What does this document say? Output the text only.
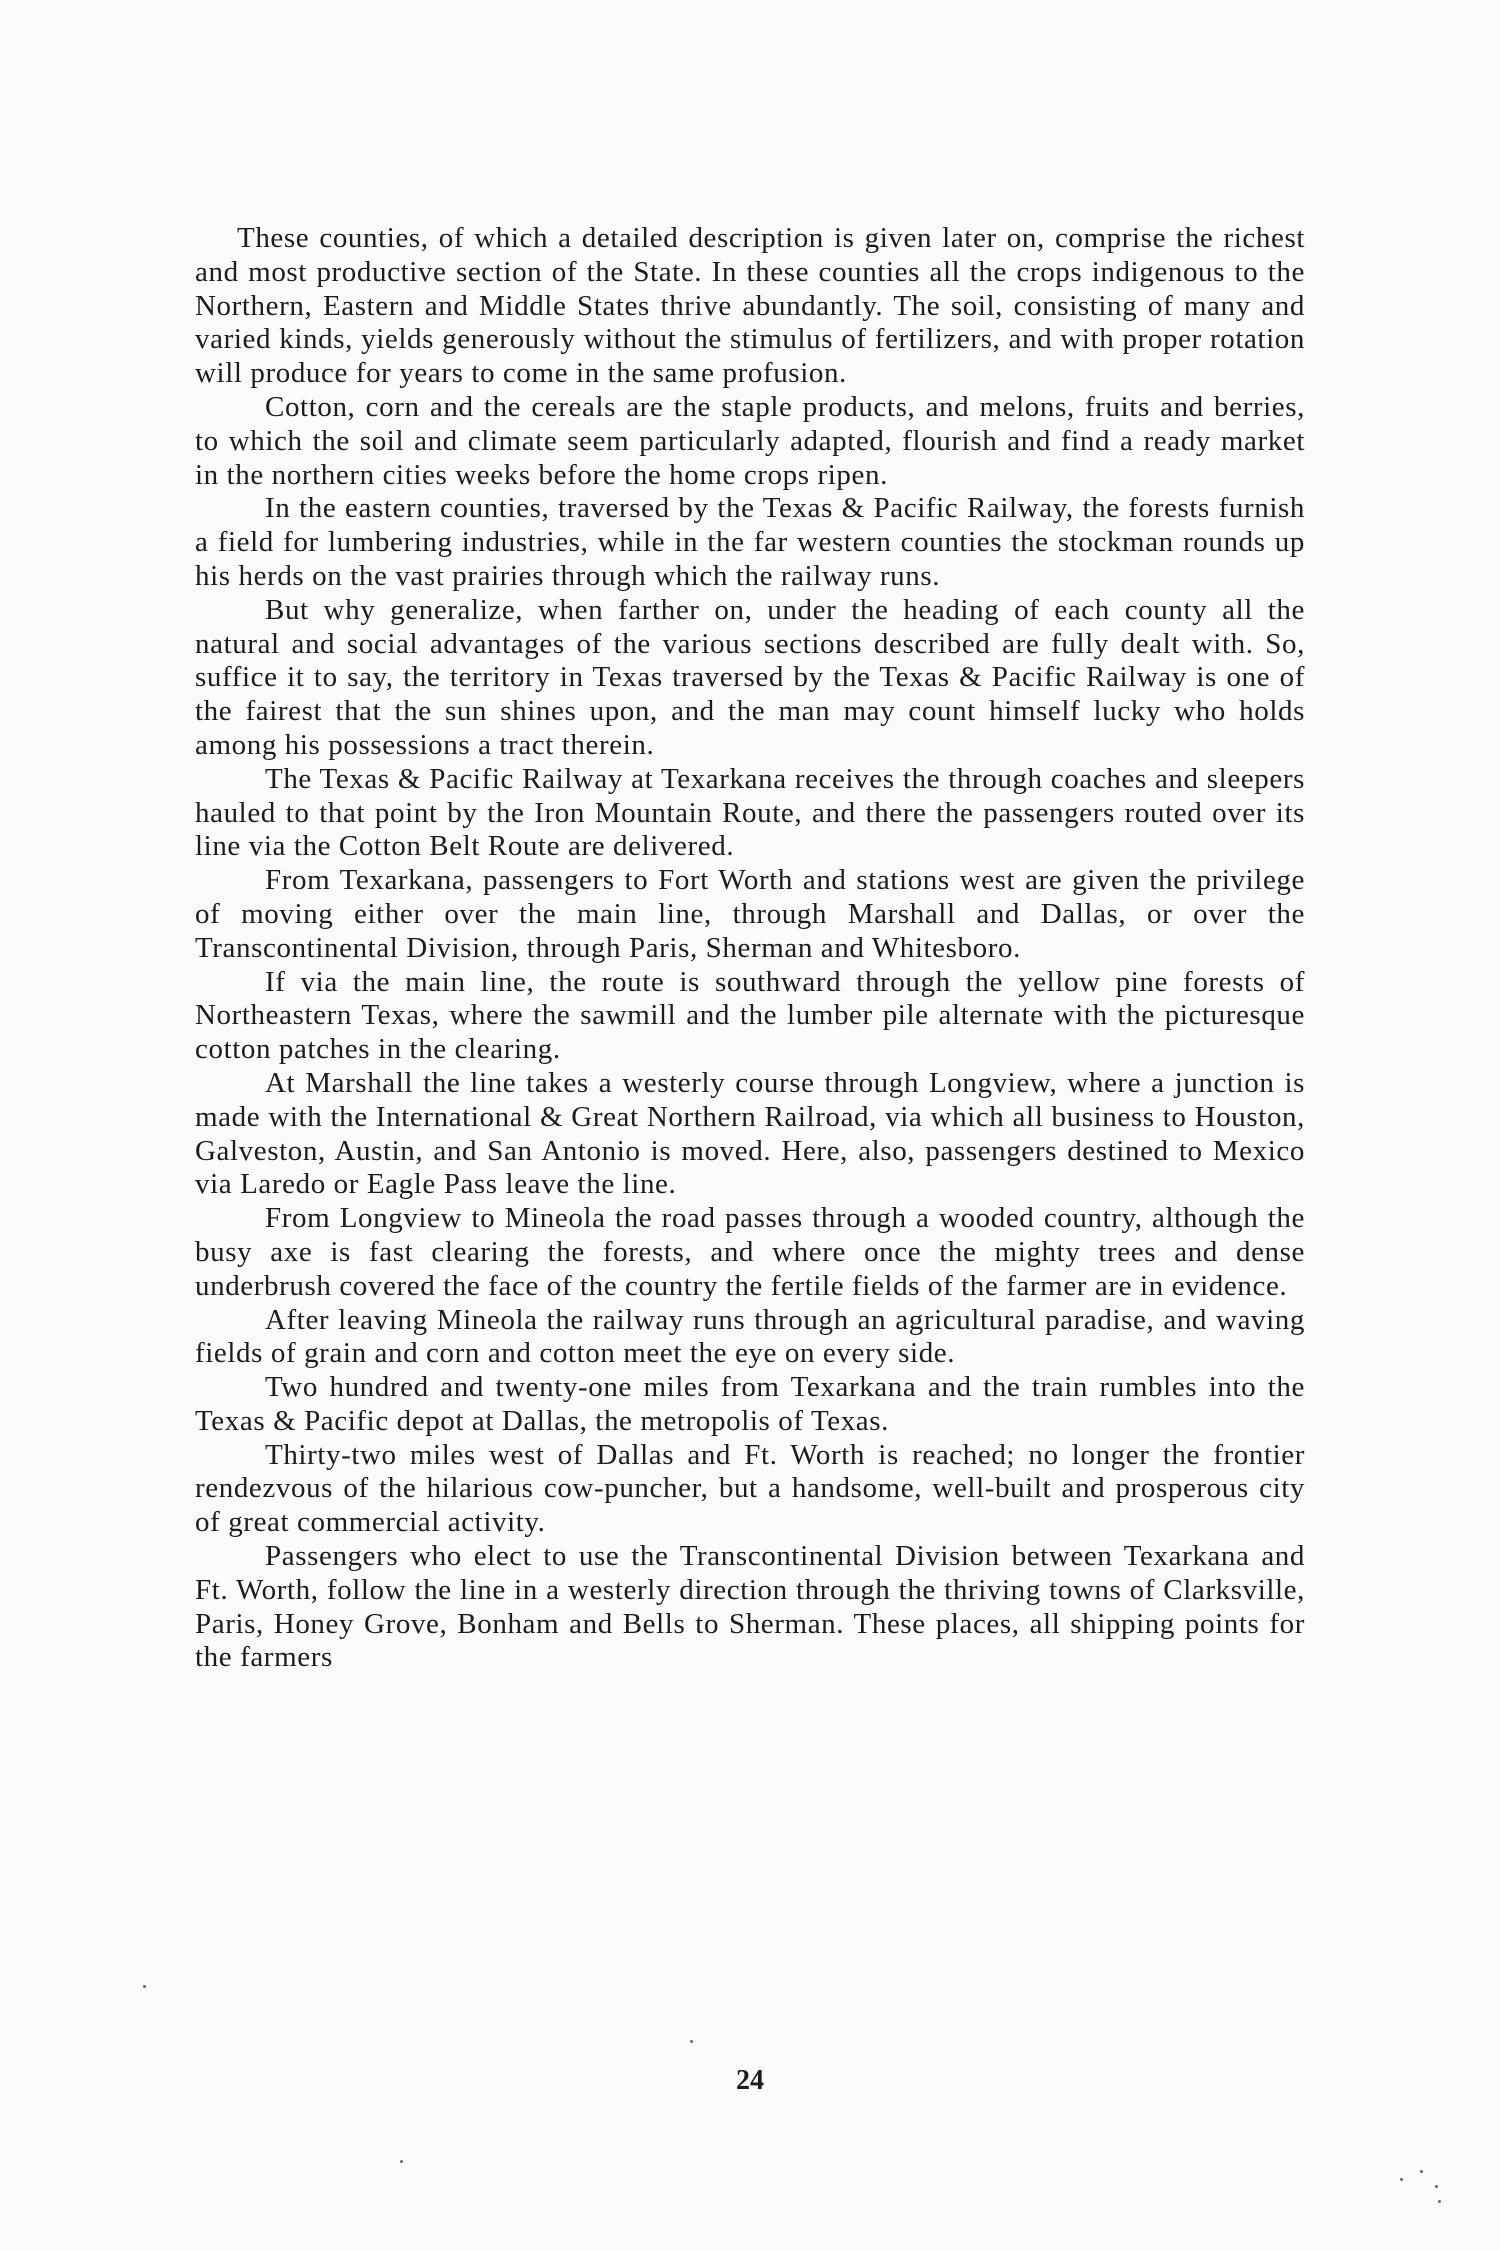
These counties, of which a detailed description is given later on, comprise the richest and most productive section of the State. In these counties all the crops indigenous to the Northern, Eastern and Middle States thrive abundantly. The soil, consisting of many and varied kinds, yields generously without the stimulus of fertilizers, and with proper rotation will produce for years to come in the same profusion.

Cotton, corn and the cereals are the staple products, and melons, fruits and berries, to which the soil and climate seem particularly adapted, flourish and find a ready market in the northern cities weeks before the home crops ripen.

In the eastern counties, traversed by the Texas & Pacific Railway, the forests furnish a field for lumbering industries, while in the far western counties the stockman rounds up his herds on the vast prairies through which the railway runs.

But why generalize, when farther on, under the heading of each county all the natural and social advantages of the various sections described are fully dealt with. So, suffice it to say, the territory in Texas traversed by the Texas & Pacific Railway is one of the fairest that the sun shines upon, and the man may count himself lucky who holds among his possessions a tract therein.

The Texas & Pacific Railway at Texarkana receives the through coaches and sleepers hauled to that point by the Iron Mountain Route, and there the passengers routed over its line via the Cotton Belt Route are delivered.

From Texarkana, passengers to Fort Worth and stations west are given the privilege of moving either over the main line, through Marshall and Dallas, or over the Transcontinental Division, through Paris, Sherman and Whitesboro.

If via the main line, the route is southward through the yellow pine forests of Northeastern Texas, where the sawmill and the lumber pile alternate with the picturesque cotton patches in the clearing.

At Marshall the line takes a westerly course through Longview, where a junction is made with the International & Great Northern Railroad, via which all business to Houston, Galveston, Austin, and San Antonio is moved. Here, also, passengers destined to Mexico via Laredo or Eagle Pass leave the line.

From Longview to Mineola the road passes through a wooded country, although the busy axe is fast clearing the forests, and where once the mighty trees and dense underbrush covered the face of the country the fertile fields of the farmer are in evidence.

After leaving Mineola the railway runs through an agricultural paradise, and waving fields of grain and corn and cotton meet the eye on every side.

Two hundred and twenty-one miles from Texarkana and the train rumbles into the Texas & Pacific depot at Dallas, the metropolis of Texas.

Thirty-two miles west of Dallas and Ft. Worth is reached; no longer the frontier rendezvous of the hilarious cow-puncher, but a handsome, well-built and prosperous city of great commercial activity.

Passengers who elect to use the Transcontinental Division between Texarkana and Ft. Worth, follow the line in a westerly direction through the thriving towns of Clarksville, Paris, Honey Grove, Bonham and Bells to Sherman. These places, all shipping points for the farmers

24
